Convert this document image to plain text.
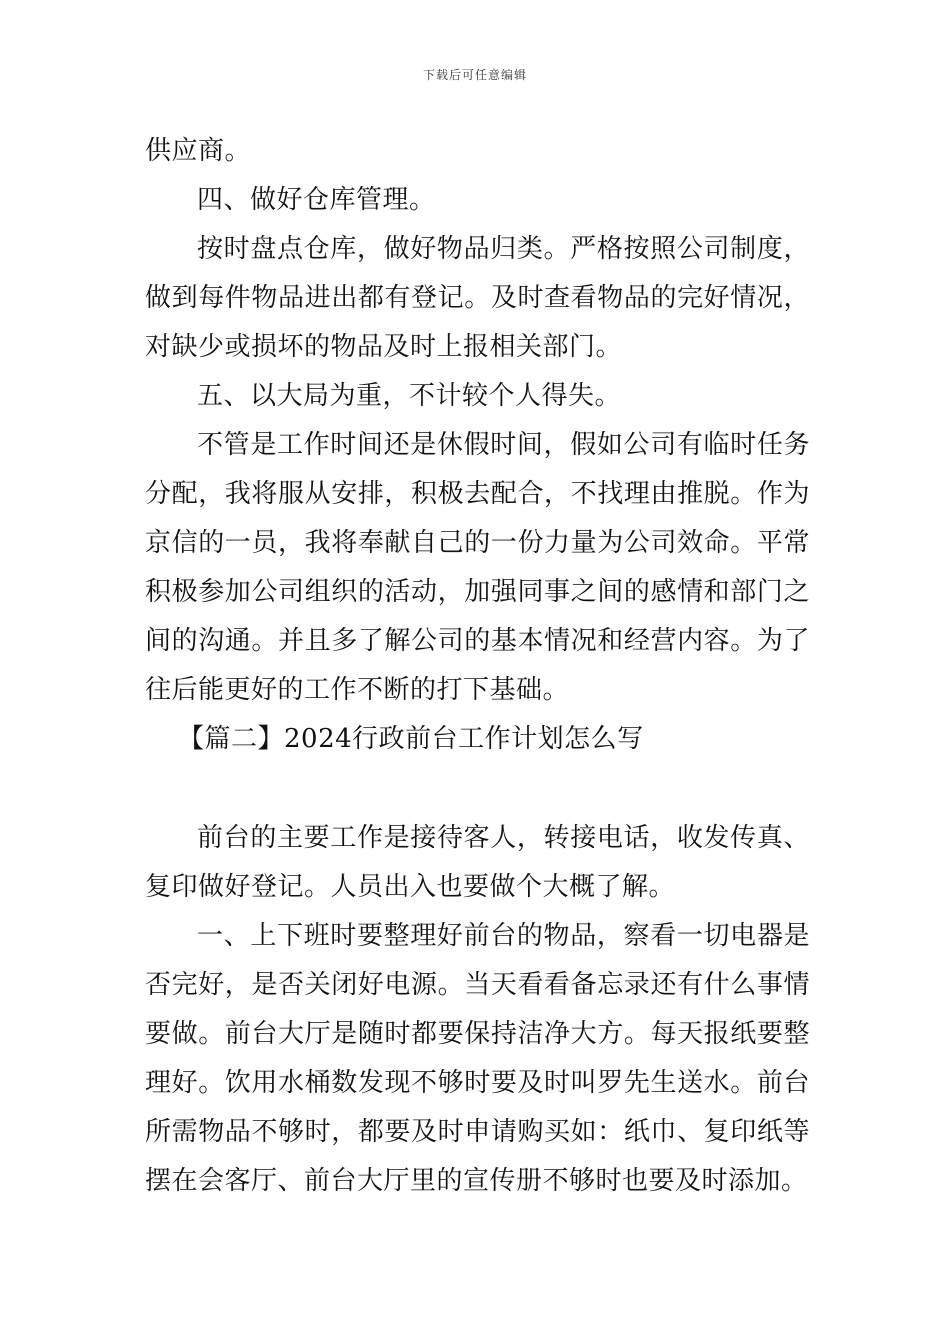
下载后可任意编辑

供应商。

四、做好仓库管理。

按时盘点仓库，做好物品归类。严格按照公司制度，做到每件物品进出都有登记。及时查看物品的完好情况，对缺少或损坏的物品及时上报相关部门。

五、以大局为重，不计较个人得失。

不管是工作时间还是休假时间，假如公司有临时任务分配，我将服从安排，积极去配合，不找理由推脱。作为京信的一员，我将奉献自己的一份力量为公司效命。平常积极参加公司组织的活动，加强同事之间的感情和部门之间的沟通。并且多了解公司的基本情况和经营内容。为了往后能更好的工作不断的打下基础。

【篇二】2024行政前台工作计划怎么写

前台的主要工作是接待客人，转接电话，收发传真、复印做好登记。人员出入也要做个大概了解。

一、上下班时要整理好前台的物品，察看一切电器是否完好，是否关闭好电源。当天看看备忘录还有什么事情要做。前台大厅是随时都要保持洁净大方。每天报纸要整理好。饮用水桶数发现不够时要及时叫罗先生送水。前台所需物品不够时，都要及时申请购买如：纸巾、复印纸等摆在会客厅、前台大厅里的宣传册不够时也要及时添加。
